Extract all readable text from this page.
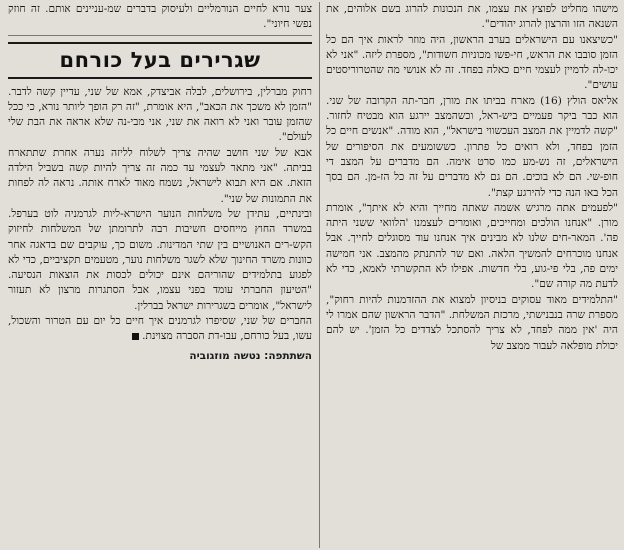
מישהו מחליט לפוצץ את עצמו, את הנכונות להרוג בשם אלוהים, את השנאה הזו והרצון להרוג יהודים".

"כשיצאנו עם הישראלים בערב הראשון, היה מוזר לראות איך הם כל הזמן סובבו את הראש, חי-פשו מכוניות חשודות", מספרת ליזה. "אני לא יכו-לה לדמיין לעצמי חיים כאלה בפחד. זה לא אנושי מה שהטרוריסטים עושים".

אליאס הולץ (16) מארח בביתו את מורן, חבר-תה הקרובה של שני. הוא כבר ביקר פעמיים ביש-ראל, וכשהמצב יירגע הוא מבטיח לחזור. "קשה לדמיין את המצב העכשווי בישראל", הוא מודה. "אנשים חיים כל הזמן בפחד, ולא רואים כל פתרון. כששומעים את הסיפורים של הישראלים, זה נש-מע כמו סרט אימה. הם מדברים על המצב די חופ-שי. הם לא בוכים. הם גם לא מדברים על זה כל הז-מן. הם בסך הכל באו הנה כדי להירגע קצת".

"לפעמים אתה מרגיש אשמה שאתה מחייך והיא לא איתך", אומרת מורן. "אנחנו הולכים ומחייכים, ואומרים לעצמנו 'הלוואי ששני היתה פה'. המאר-חים שלנו לא מבינים איך אנחנו עוד מסוגלים לחייך. אבל אנחנו מוכרחים להמשיך הלאה. ואם שר להתנתק מהמצב. אני חמישה ימים פה, בלי פי-גוע, בלי חדשות. אפילו לא התקשרתי לאמא, כדי לא לדעת מה קורה שם".

"התלמידים מאוד עסוקים בניסיון למצוא את ההזדמנות להיות רחוק", מספרת שרה בנבנישתי, מרכזת המשלחת. "הדבר הראשון שהם אמרו לי היה 'אין ממה לפחד, לא צריך להסתכל לצדדים כל הזמן'. יש להם יכולת מופלאה לעבור ממצב של

צער נורא לחיים הנורמליים ולעיסוק בדברים שמ-עניינים אותם. זה חוזק נפשי חיוני".

שגרירים בעל כורחם

רחוק מברלין, בירושלים, לבלה אביצדק, אמא של שני, עדיין קשה לדבר. "הזמן לא משכך את הכאב", היא אומרת, "זה רק הופך ליותר נורא, כי ככל שהזמן עובר ואני לא רואה את שני, אני מבי-נה שלא אראה את הבת שלי לעולם".

אבא של שני חושב שהיה צריך לשלוח לליזה נערה אחרת שתתארח בביתה. "אני מתאר לעצמי עד כמה זה צריך להיות קשה בשביל הילדה הזאת. אם היא תבוא לישראל, נשמח מאוד לארח אותה. נראה לה לפחות את התמונות של שני".

ובינתיים, עתידן של משלחות הנוער הישרא-ליות לגרמניה לוט בערפל. במשרד החוץ מייחסים חשיבות רבה לתרומתן של המשלחות לחיזוק הקש-רים האנושיים בין שתי המדינות. משום כך, עוקבים שם בדאגה אחר כוונות משרד החינוך שלא לשגר משלחות נוער, מטעמים תקציביים, כדי לא לפגוע בתלמידים שהוריהם אינם יכולים לכסות את הוצאות הנסיעה. "הטיעון החברתי עומד בפני עצמו, אבל הסתגרות מרצון לא תעזור לישראל", אומרים בשגרירות ישראל בברלין.

החברים של שני, שסיפרו לגרמנים איך חיים כל יום עם הטרור והשכול, עשו, בעל כורחם, עבו-דת הסברה מצוינת.

השתתפה: נטשה מוזגוביה
